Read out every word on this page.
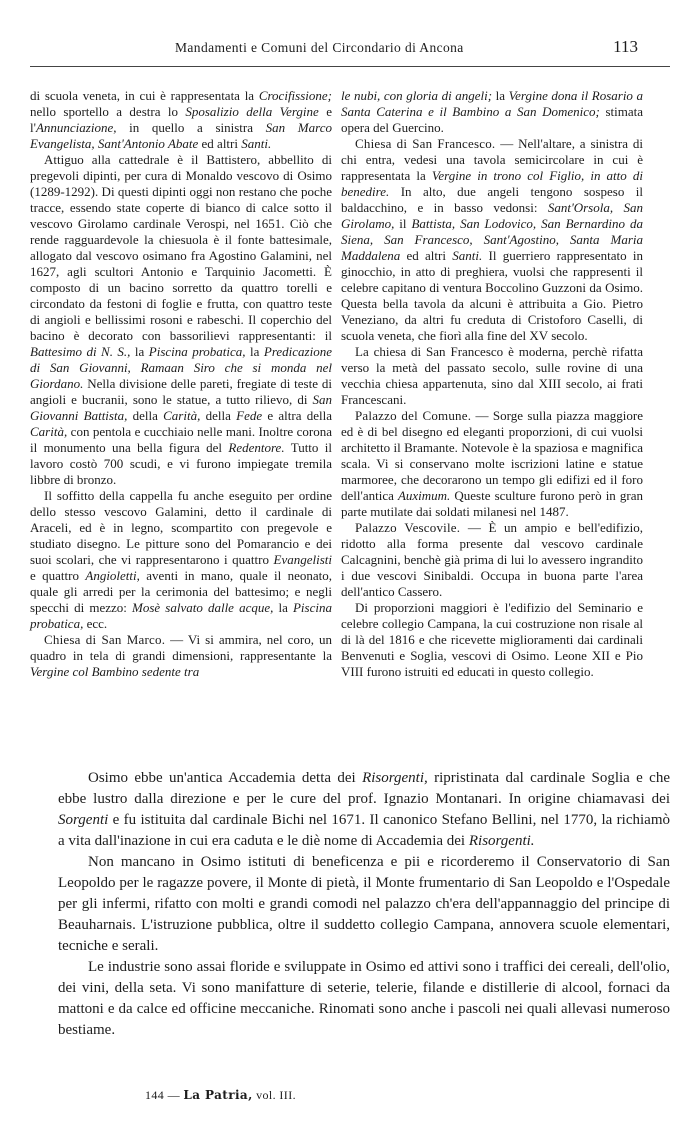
Mandamenti e Comuni del Circondario di Ancona	113

di scuola veneta, in cui è rappresentata la Crocifissione; nello sportello a destra lo Sposalizio della Vergine e l'Annunciazione, in quello a sinistra San Marco Evangelista, Sant'Antonio Abate ed altri Santi.

Attiguo alla cattedrale è il Battistero, abbellito di pregevoli dipinti, per cura di Monaldo vescovo di Osimo (1289-1292). Di questi dipinti oggi non restano che poche tracce, essendo state coperte di bianco di calce sotto il vescovo Girolamo cardinale Verospi, nel 1651. Ciò che rende ragguardevole la chiesuola è il fonte battesimale, allogato dal vescovo osimano fra Agostino Galamini, nel 1627, agli scultori Antonio e Tarquinio Jacometti. È composto di un bacino sorretto da quattro torelli e circondato da festoni di foglie e frutta, con quattro teste di angioli e bellissimi rosoni e rabeschi. Il coperchio del bacino è decorato con bassorilievi rappresentanti: il Battesimo di N. S., la Piscina probatica, la Predicazione di San Giovanni, Ramaan Siro che si monda nel Giordano. Nella divisione delle pareti, fregiate di teste di angioli e bucranii, sono le statue, a tutto rilievo, di San Giovanni Battista, della Carità, della Fede e altra della Carità, con pentola e cucchiaio nelle mani. Inoltre corona il monumento una bella figura del Redentore. Tutto il lavoro costò 700 scudi, e vi furono impiegate tremila libbre di bronzo.

Il soffitto della cappella fu anche eseguito per ordine dello stesso vescovo Galamini, detto il cardinale di Araceli, ed è in legno, scompartito con pregevole e studiato disegno. Le pitture sono del Pomarancio e dei suoi scolari, che vi rappresentarono i quattro Evangelisti e quattro Angioletti, aventi in mano, quale il neonato, quale gli arredi per la cerimonia del battesimo; e negli specchi di mezzo: Mosè salvato dalle acque, la Piscina probatica, ecc.

Chiesa di San Marco. — Vi si ammira, nel coro, un quadro in tela di grandi dimensioni, rappresentante la Vergine col Bambino sedente tra

le nubi, con gloria di angeli; la Vergine dona il Rosario a Santa Caterina e il Bambino a San Domenico; stimata opera del Guercino.

Chiesa di San Francesco. — Nell'altare, a sinistra di chi entra, vedesi una tavola semicircolare in cui è rappresentata la Vergine in trono col Figlio, in atto di benedire. In alto, due angeli tengono sospeso il baldacchino, e in basso vedonsi: Sant'Orsola, San Girolamo, il Battista, San Lodovico, San Bernardino da Siena, San Francesco, Sant'Agostino, Santa Maria Maddalena ed altri Santi. Il guerriero rappresentato in ginocchio, in atto di preghiera, vuolsi che rappresenti il celebre capitano di ventura Boccolino Guzzoni da Osimo. Questa bella tavola da alcuni è attribuita a Gio. Pietro Veneziano, da altri fu creduta di Cristoforo Caselli, di scuola veneta, che fiorì alla fine del XV secolo.

La chiesa di San Francesco è moderna, perchè rifatta verso la metà del passato secolo, sulle rovine di una vecchia chiesa appartenuta, sino dal XIII secolo, ai frati Francescani.

Palazzo del Comune. — Sorge sulla piazza maggiore ed è di bel disegno ed eleganti proporzioni, di cui vuolsi architetto il Bramante. Notevole è la spaziosa e magnifica scala. Vi si conservano molte iscrizioni latine e statue marmoree, che decorarono un tempo gli edifizi ed il foro dell'antica Auximum. Queste sculture furono però in gran parte mutilate dai soldati milanesi nel 1487.

Palazzo Vescovile. — È un ampio e bell'edifizio, ridotto alla forma presente dal vescovo cardinale Calcagnini, benchè già prima di lui lo avessero ingrandito i due vescovi Sinibaldi. Occupa in buona parte l'area dell'antico Cassero.

Di proporzioni maggiori è l'edifizio del Seminario e celebre collegio Campana, la cui costruzione non risale al di là del 1816 e che ricevette miglioramenti dai cardinali Benvenuti e Soglia, vescovi di Osimo. Leone XII e Pio VIII furono istruiti ed educati in questo collegio.

Osimo ebbe un'antica Accademia detta dei Risorgenti, ripristinata dal cardinale Soglia e che ebbe lustro dalla direzione e per le cure del prof. Ignazio Montanari. In origine chiamavasi dei Sorgenti e fu istituita dal cardinale Bichi nel 1671. Il canonico Stefano Bellini, nel 1770, la richiamò a vita dall'inazione in cui era caduta e le diè nome di Accademia dei Risorgenti.

Non mancano in Osimo istituti di beneficenza e pii e ricorderemo il Conservatorio di San Leopoldo per le ragazze povere, il Monte di pietà, il Monte frumentario di San Leopoldo e l'Ospedale per gli infermi, rifatto con molti e grandi comodi nel palazzo ch'era dell'appannaggio del principe di Beauharnais. L'istruzione pubblica, oltre il suddetto collegio Campana, annovera scuole elementari, tecniche e serali.

Le industrie sono assai floride e sviluppate in Osimo ed attivi sono i traffici dei cereali, dell'olio, dei vini, della seta. Vi sono manifatture di seterie, telerie, filande e distillerie di alcool, fornaci da mattoni e da calce ed officine meccaniche. Rinomati sono anche i pascoli nei quali allevasi numeroso bestiame.

144 — La Patria, vol. III.
